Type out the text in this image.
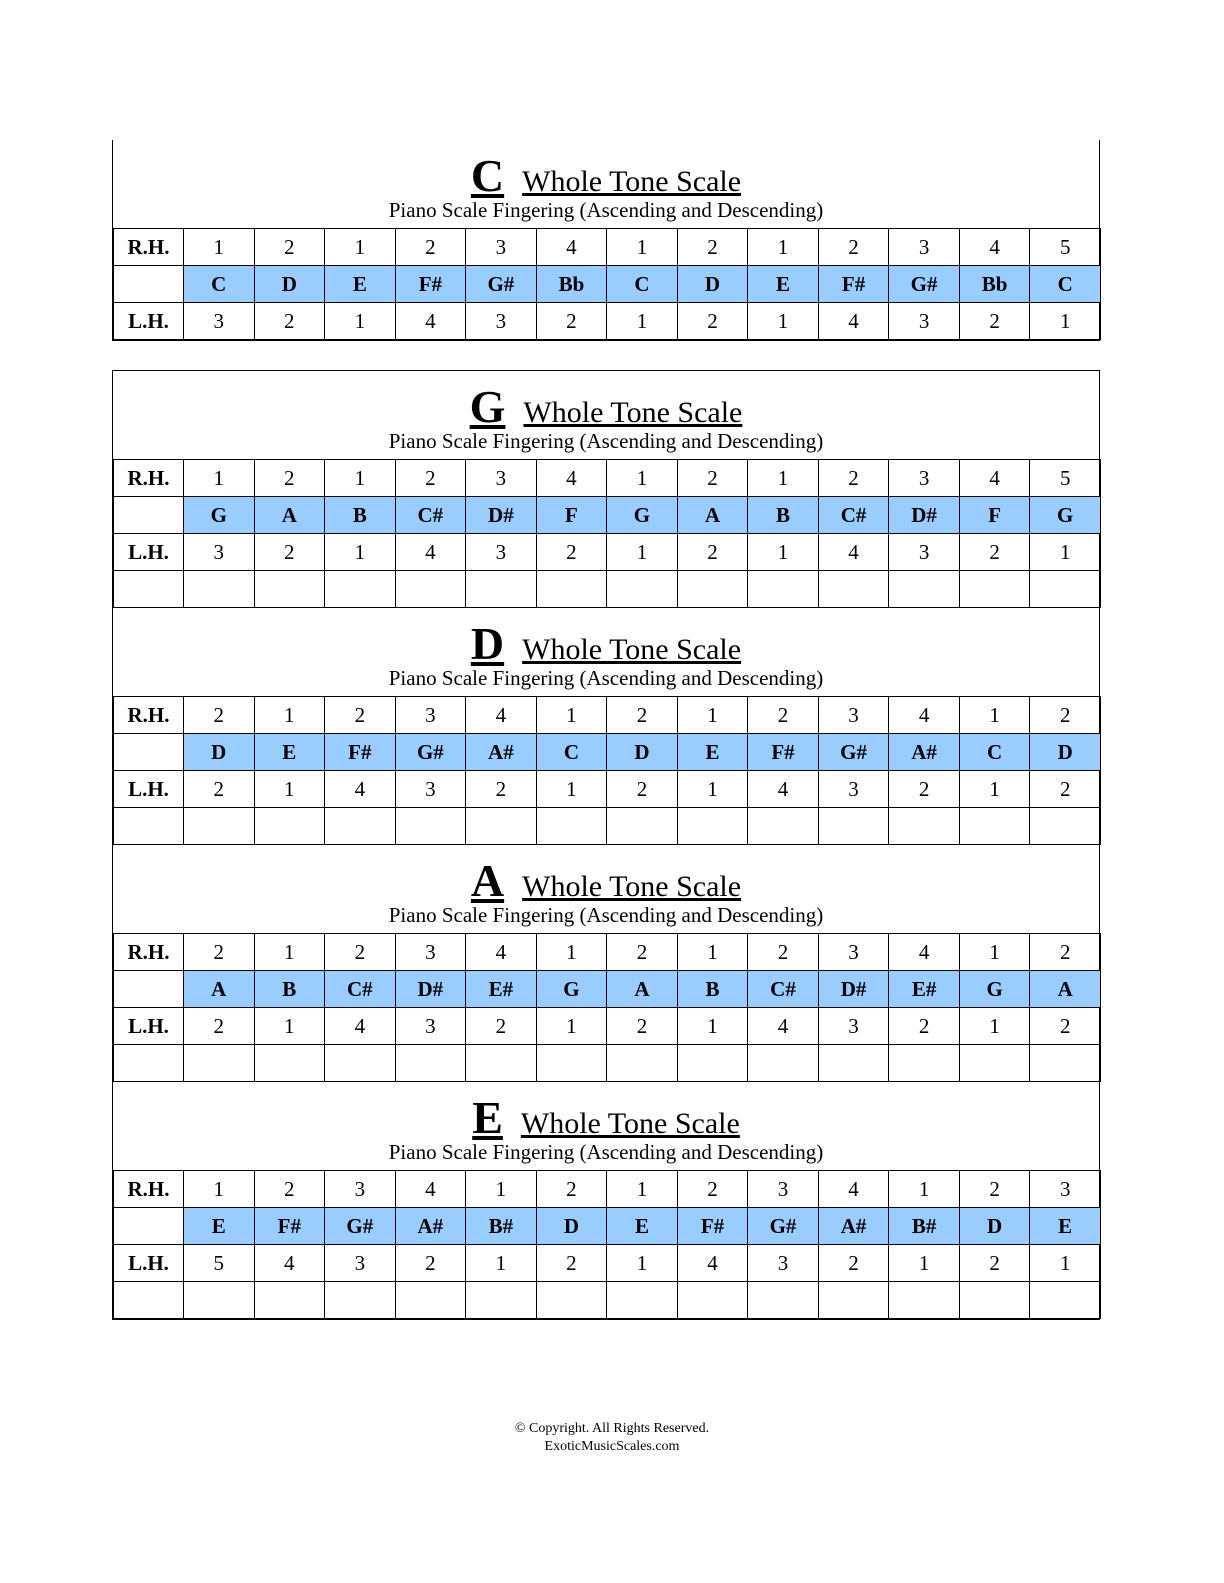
C Whole Tone Scale
Piano Scale Fingering (Ascending and Descending)
R.H.	1	2	1	2	3	4	1	2	1	2	3	4	5
	C	D	E	F#	G#	Bb	C	D	E	F#	G#	Bb	C
L.H.	3	2	1	4	3	2	1	2	1	4	3	2	1
G Whole Tone Scale
Piano Scale Fingering (Ascending and Descending)
R.H.	1	2	1	2	3	4	1	2	1	2	3	4	5
	G	A	B	C#	D#	F	G	A	B	C#	D#	F	G
L.H.	3	2	1	4	3	2	1	2	1	4	3	2	1

D Whole Tone Scale
Piano Scale Fingering (Ascending and Descending)
R.H.	2	1	2	3	4	1	2	1	2	3	4	1	2
	D	E	F#	G#	A#	C	D	E	F#	G#	A#	C	D
L.H.	2	1	4	3	2	1	2	1	4	3	2	1	2

A Whole Tone Scale
Piano Scale Fingering (Ascending and Descending)
R.H.	2	1	2	3	4	1	2	1	2	3	4	1	2
	A	B	C#	D#	E#	G	A	B	C#	D#	E#	G	A
L.H.	2	1	4	3	2	1	2	1	4	3	2	1	2

E Whole Tone Scale
Piano Scale Fingering (Ascending and Descending)
R.H.	1	2	3	4	1	2	1	2	3	4	1	2	3
	E	F#	G#	A#	B#	D	E	F#	G#	A#	B#	D	E
L.H.	5	4	3	2	1	2	1	4	3	2	1	2	1

© Copyright. All Rights Reserved.
ExoticMusicScales.com
